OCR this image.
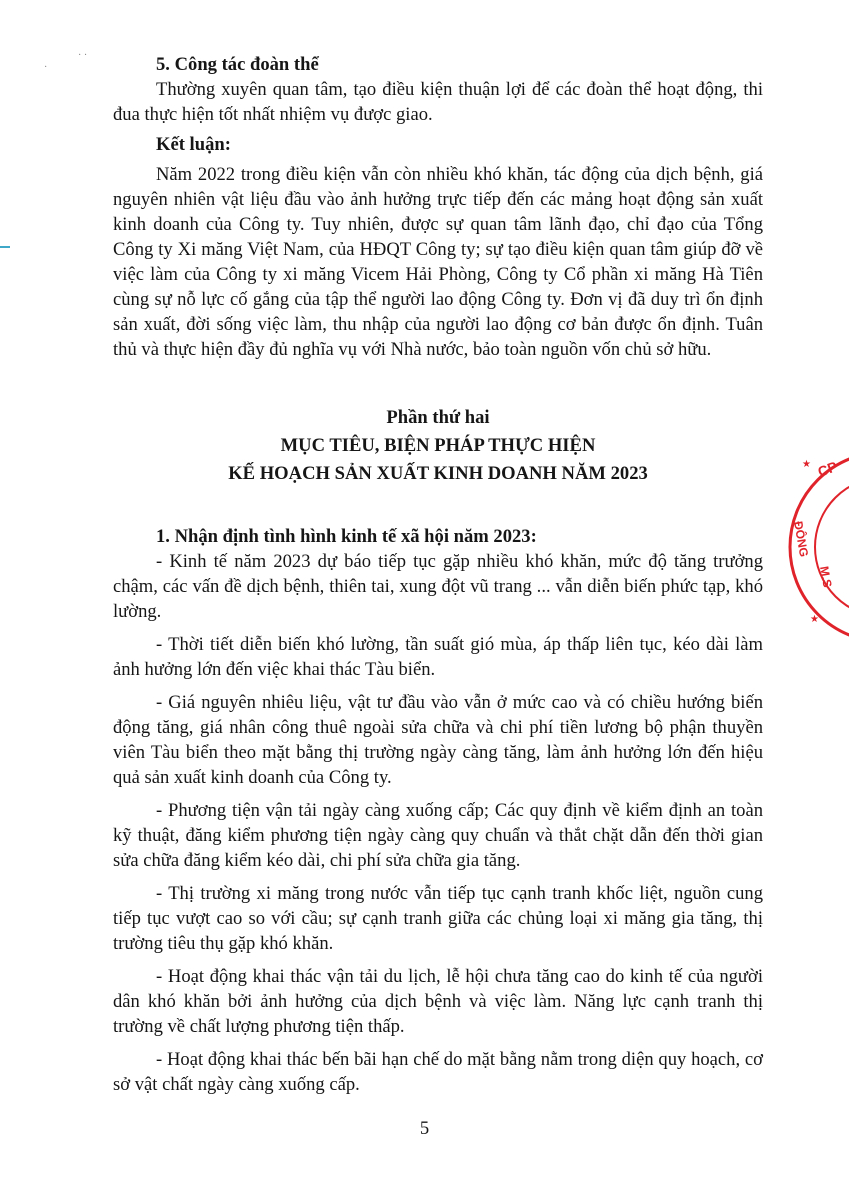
·
· ·	5. Công tác đoàn thể

Thường xuyên quan tâm, tạo điều kiện thuận lợi để các đoàn thể hoạt động, thi đua thực hiện tốt nhất nhiệm vụ được giao.

Kết luận:

Năm 2022 trong điều kiện vẫn còn nhiều khó khăn, tác động của dịch bệnh, giá nguyên nhiên vật liệu đầu vào ảnh hưởng trực tiếp đến các mảng hoạt động sản xuất kinh doanh của Công ty. Tuy nhiên, được sự quan tâm lãnh đạo, chỉ đạo của Tổng Công ty Xi măng Việt Nam, của HĐQT Công ty; sự tạo điều kiện quan tâm giúp đỡ về việc làm của Công ty xi măng Vicem Hải Phòng, Công ty Cổ phần xi măng Hà Tiên cùng sự nỗ lực cố gắng của tập thể người lao động Công ty. Đơn vị đã duy trì ổn định sản xuất, đời sống việc làm, thu nhập của người lao động cơ bản được ổn định. Tuân thủ và thực hiện đầy đủ nghĩa vụ với Nhà nước, bảo toàn nguồn vốn chủ sở hữu.

Phần thứ hai

MỤC TIÊU, BIỆN PHÁP THỰC HIỆN

KẾ HOẠCH SẢN XUẤT KINH DOANH NĂM 2023

1. Nhận định tình hình kinh tế xã hội năm 2023:

- Kinh tế năm 2023 dự báo tiếp tục gặp nhiều khó khăn, mức độ tăng trưởng chậm, các vấn đề dịch bệnh, thiên tai, xung đột vũ trang ... vẫn diễn biến phức tạp, khó lường.

- Thời tiết diễn biến khó lường, tần suất gió mùa, áp thấp liên tục, kéo dài làm ảnh hưởng lớn đến việc khai thác Tàu biển.

- Giá nguyên nhiêu liệu, vật tư đầu vào vẫn ở mức cao và có chiều hướng biến động tăng, giá nhân công thuê ngoài sửa chữa và chi phí tiền lương bộ phận thuyền viên Tàu biển theo mặt bằng thị trường ngày càng tăng, làm ảnh hưởng lớn đến hiệu quả sản xuất kinh doanh của Công ty.

- Phương tiện vận tải ngày càng xuống cấp; Các quy định về kiểm định an toàn kỹ thuật, đăng kiểm phương tiện ngày càng quy chuẩn và thắt chặt dẫn đến thời gian sửa chữa đăng kiểm kéo dài, chi phí sửa chữa gia tăng.

- Thị trường xi măng trong nước vẫn tiếp tục cạnh tranh khốc liệt, nguồn cung tiếp tục vượt cao so với cầu; sự cạnh tranh giữa các chủng loại xi măng gia tăng, thị trường tiêu thụ gặp khó khăn.

- Hoạt động khai thác vận tải du lịch, lễ hội chưa tăng cao do kinh tế của người dân khó khăn bởi ảnh hưởng của dịch bệnh và việc làm. Năng lực cạnh tranh thị trường về chất lượng phương tiện thấp.

- Hoạt động khai thác bến bãi hạn chế do mặt bằng nằm trong diện quy hoạch, cơ sở vật chất ngày càng xuống cấp.

5
CP
ĐÔNG
M.S
★
★
